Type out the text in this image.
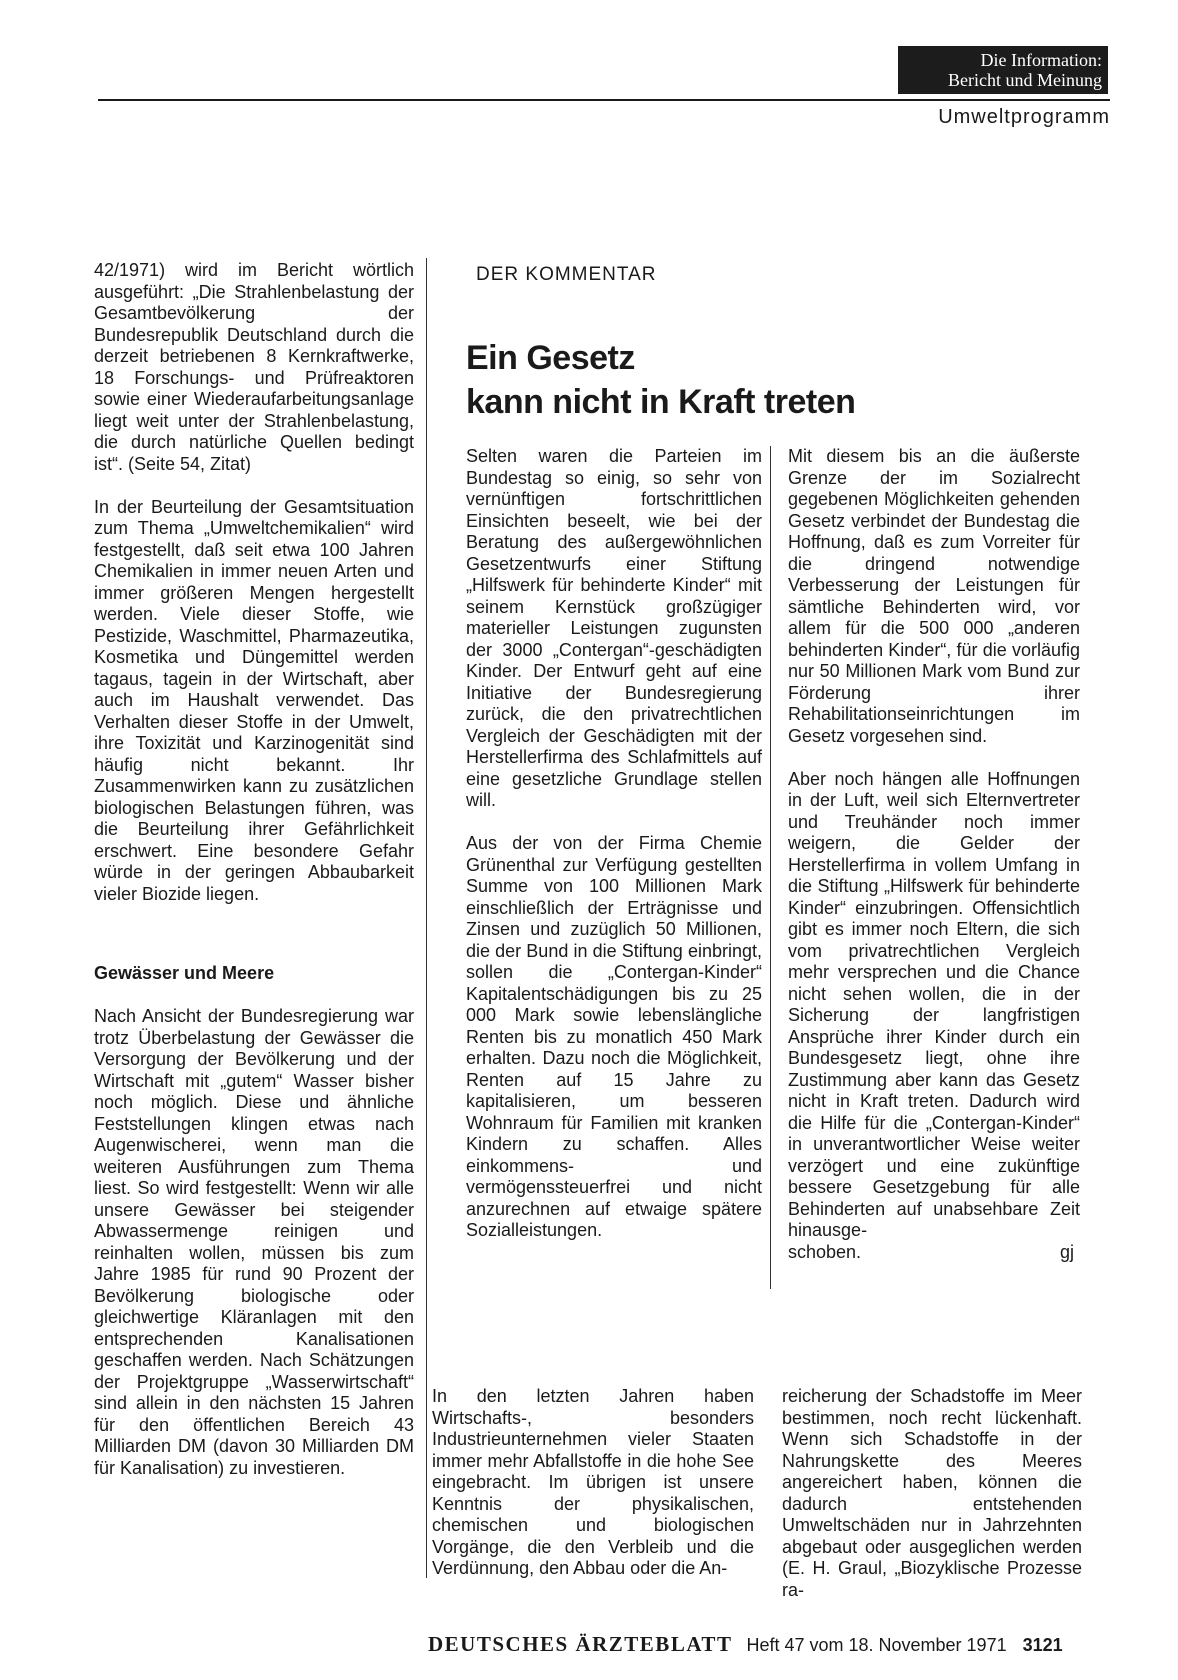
Die Information:
Bericht und Meinung
Umweltprogramm

42/1971) wird im Bericht wörtlich ausgeführt: „Die Strahlenbelastung der Gesamtbevölkerung der Bundesrepublik Deutschland durch die derzeit betriebenen 8 Kernkraftwerke, 18 Forschungs- und Prüfreaktoren sowie einer Wiederaufarbeitungsanlage liegt weit unter der Strahlenbelastung, die durch natürliche Quellen bedingt ist“. (Seite 54, Zitat)

In der Beurteilung der Gesamtsituation zum Thema „Umweltchemikalien“ wird festgestellt, daß seit etwa 100 Jahren Chemikalien in immer neuen Arten und immer größeren Mengen hergestellt werden. Viele dieser Stoffe, wie Pestizide, Waschmittel, Pharmazeutika, Kosmetika und Düngemittel werden tagaus, tagein in der Wirtschaft, aber auch im Haushalt verwendet. Das Verhalten dieser Stoffe in der Umwelt, ihre Toxizität und Karzinogenität sind häufig nicht bekannt. Ihr Zusammenwirken kann zu zusätzlichen biologischen Belastungen führen, was die Beurteilung ihrer Gefährlichkeit erschwert. Eine besondere Gefahr würde in der geringen Abbaubarkeit vieler Biozide liegen.

Gewässer und Meere

Nach Ansicht der Bundesregierung war trotz Überbelastung der Gewässer die Versorgung der Bevölkerung und der Wirtschaft mit „gutem“ Wasser bisher noch möglich. Diese und ähnliche Feststellungen klingen etwas nach Augenwischerei, wenn man die weiteren Ausführungen zum Thema liest. So wird festgestellt: Wenn wir alle unsere Gewässer bei steigender Abwassermenge reinigen und reinhalten wollen, müssen bis zum Jahre 1985 für rund 90 Prozent der Bevölkerung biologische oder gleichwertige Kläranlagen mit den entsprechenden Kanalisationen geschaffen werden. Nach Schätzungen der Projektgruppe „Wasserwirtschaft“ sind allein in den nächsten 15 Jahren für den öffentlichen Bereich 43 Milliarden DM (davon 30 Milliarden DM für Kanalisation) zu investieren.

DER KOMMENTAR
Ein Gesetz
kann nicht in Kraft treten

Selten waren die Parteien im Bundestag so einig, so sehr von vernünftigen fortschrittlichen Einsichten beseelt, wie bei der Beratung des außergewöhnlichen Gesetzentwurfs einer Stiftung „Hilfswerk für behinderte Kinder“ mit seinem Kernstück großzügiger materieller Leistungen zugunsten der 3000 „Contergan“-geschädigten Kinder. Der Entwurf geht auf eine Initiative der Bundesregierung zurück, die den privatrechtlichen Vergleich der Geschädigten mit der Herstellerfirma des Schlafmittels auf eine gesetzliche Grundlage stellen will.

Aus der von der Firma Chemie Grünenthal zur Verfügung gestellten Summe von 100 Millionen Mark einschließlich der Erträgnisse und Zinsen und zuzüglich 50 Millionen, die der Bund in die Stiftung einbringt, sollen die „Contergan-Kinder“ Kapitalentschädigungen bis zu 25 000 Mark sowie lebenslängliche Renten bis zu monatlich 450 Mark erhalten. Dazu noch die Möglichkeit, Renten auf 15 Jahre zu kapitalisieren, um besseren Wohnraum für Familien mit kranken Kindern zu schaffen. Alles einkommens- und vermögenssteuerfrei und nicht anzurechnen auf etwaige spätere Sozialleistungen.

Mit diesem bis an die äußerste Grenze der im Sozialrecht gegebenen Möglichkeiten gehenden Gesetz verbindet der Bundestag die Hoffnung, daß es zum Vorreiter für die dringend notwendige Verbesserung der Leistungen für sämtliche Behinderten wird, vor allem für die 500 000 „anderen behinderten Kinder“, für die vorläufig nur 50 Millionen Mark vom Bund zur Förderung ihrer Rehabilitationseinrichtungen im Gesetz vorgesehen sind.

Aber noch hängen alle Hoffnungen in der Luft, weil sich Elternvertreter und Treuhänder noch immer weigern, die Gelder der Herstellerfirma in vollem Umfang in die Stiftung „Hilfswerk für behinderte Kinder“ einzubringen. Offensichtlich gibt es immer noch Eltern, die sich vom privatrechtlichen Vergleich mehr versprechen und die Chance nicht sehen wollen, die in der Sicherung der langfristigen Ansprüche ihrer Kinder durch ein Bundesgesetz liegt, ohne ihre Zustimmung aber kann das Gesetz nicht in Kraft treten. Dadurch wird die Hilfe für die „Contergan-Kinder“ in unverantwortlicher Weise weiter verzögert und eine zukünftige bessere Gesetzgebung für alle Behinderten auf unabsehbare Zeit hinausge-

schoben.	gj

In den letzten Jahren haben Wirtschafts-, besonders Industrieunternehmen vieler Staaten immer mehr Abfallstoffe in die hohe See eingebracht. Im übrigen ist unsere Kenntnis der physikalischen, chemischen und biologischen Vorgänge, die den Verbleib und die Verdünnung, den Abbau oder die An-

reicherung der Schadstoffe im Meer bestimmen, noch recht lückenhaft. Wenn sich Schadstoffe in der Nahrungskette des Meeres angereichert haben, können die dadurch entstehenden Umweltschäden nur in Jahrzehnten abgebaut oder ausgeglichen werden (E. H. Graul, „Biozyklische Prozesse ra-

DEUTSCHES ÄRZTEBLATT Heft 47 vom 18. November 1971 3121
